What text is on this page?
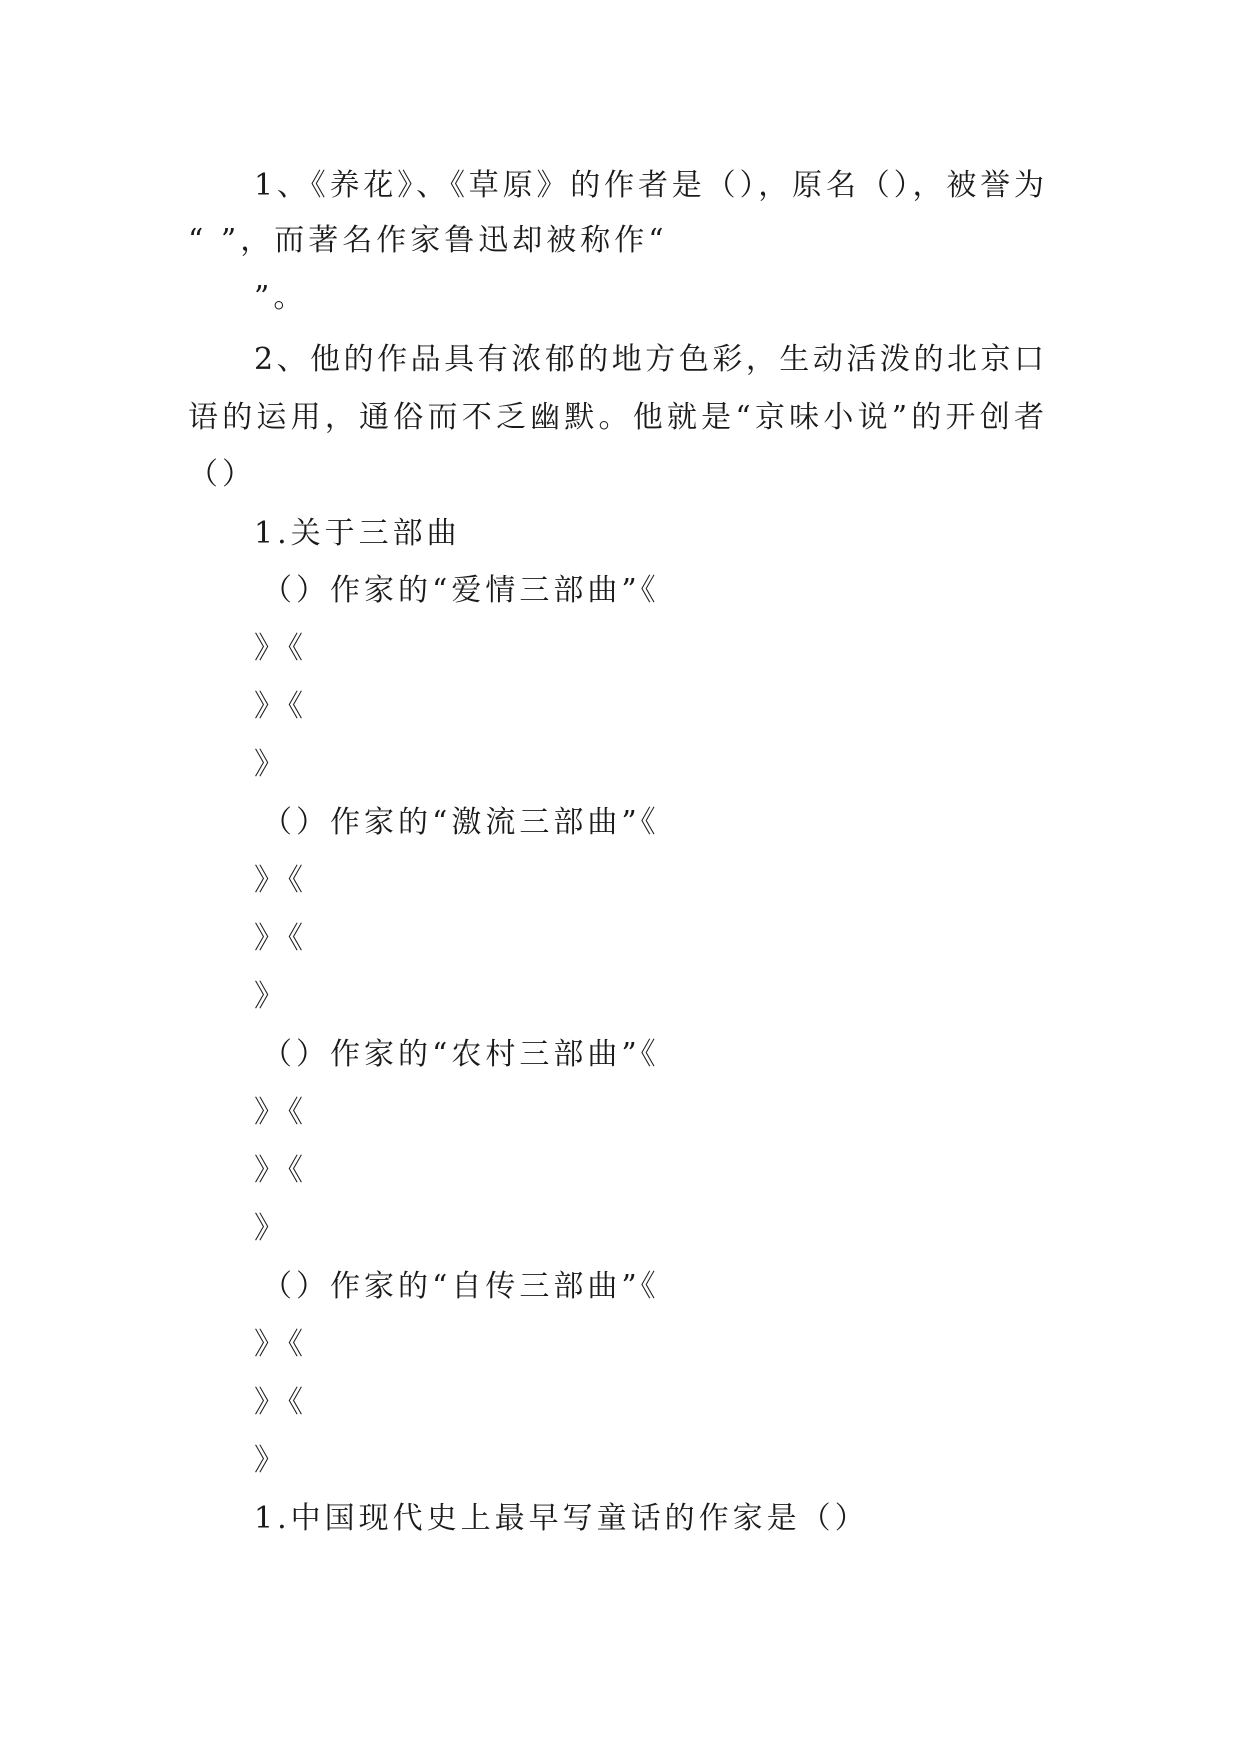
1、《养花》、《草原》的作者是（），原名（），被誉为
“ ”，而著名作家鲁迅却被称作“
”。
2、他的作品具有浓郁的地方色彩，生动活泼的北京口
语的运用，通俗而不乏幽默。他就是“京味小说”的开创者
（）
1.关于三部曲
（）作家的“爱情三部曲”《
》《
》《
》
（）作家的“激流三部曲”《
》《
》《
》
（）作家的“农村三部曲”《
》《
》《
》
（）作家的“自传三部曲”《
》《
》《
》
1.中国现代史上最早写童话的作家是（）
